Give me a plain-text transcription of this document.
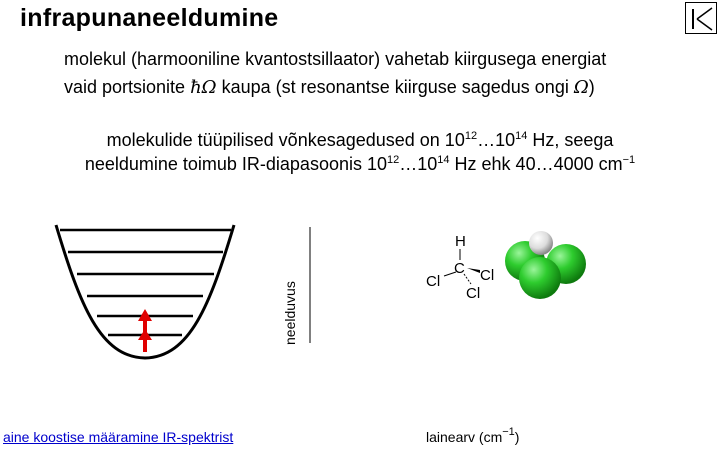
infrapunaneeldumine
molekul (harmooniline kvantostsillaator) vahetab kiirgusega energiat
vaid portsionite ħΩ kaupa (st resonantse kiirguse sagedus ongi Ω)
molekulide tüüpilised võnkesagedused on $10^{12}\dots 10^{14}$ Hz, seega
neeldumine toimub IR-diapasoonis $10^{12}\dots 10^{14}$ Hz ehk 40…4000 $cm^{-1}$
neelduvus
H
C
Cl	Cl
Cl
lainearv $(cm^{-1})$
aine koostise määramine IR-spektrist
